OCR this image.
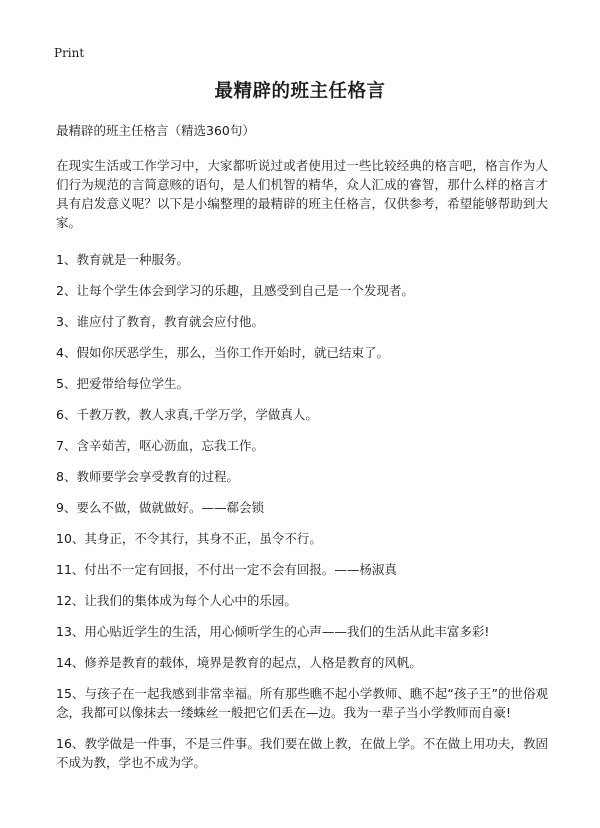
Print
最精辟的班主任格言
最精辟的班主任格言（精选360句）
在现实生活或工作学习中，大家都听说过或者使用过一些比较经典的格言吧，格言作为人们行为规范的言简意赅的语句，是人们机智的精华，众人汇成的睿智，那什么样的格言才具有启发意义呢？以下是小编整理的最精辟的班主任格言，仅供参考，希望能够帮助到大家。
1、教育就是一种服务。
2、让每个学生体会到学习的乐趣，且感受到自己是一个发现者。
3、谁应付了教育，教育就会应付他。
4、假如你厌恶学生，那么，当你工作开始时，就已结束了。
5、把爱带给每位学生。
6、千教万教，教人求真,千学万学，学做真人。
7、含辛茹苦，呕心沥血，忘我工作。
8、教师要学会享受教育的过程。
9、要么不做，做就做好。——郗会锁
10、其身正，不令其行，其身不正，虽令不行。
11、付出不一定有回报，不付出一定不会有回报。——杨淑真
12、让我们的集体成为每个人心中的乐园。
13、用心贴近学生的生活，用心倾听学生的心声——我们的生活从此丰富多彩!
14、修养是教育的载体，境界是教育的起点，人格是教育的风帆。
15、与孩子在一起我感到非常幸福。所有那些瞧不起小学教师、瞧不起“孩子王”的世俗观念，我都可以像抹去一缕蛛丝一般把它们丢在—边。我为一辈子当小学教师而自豪!
16、教学做是一件事，不是三件事。我们要在做上教，在做上学。不在做上用功夫，教固不成为教，学也不成为学。
